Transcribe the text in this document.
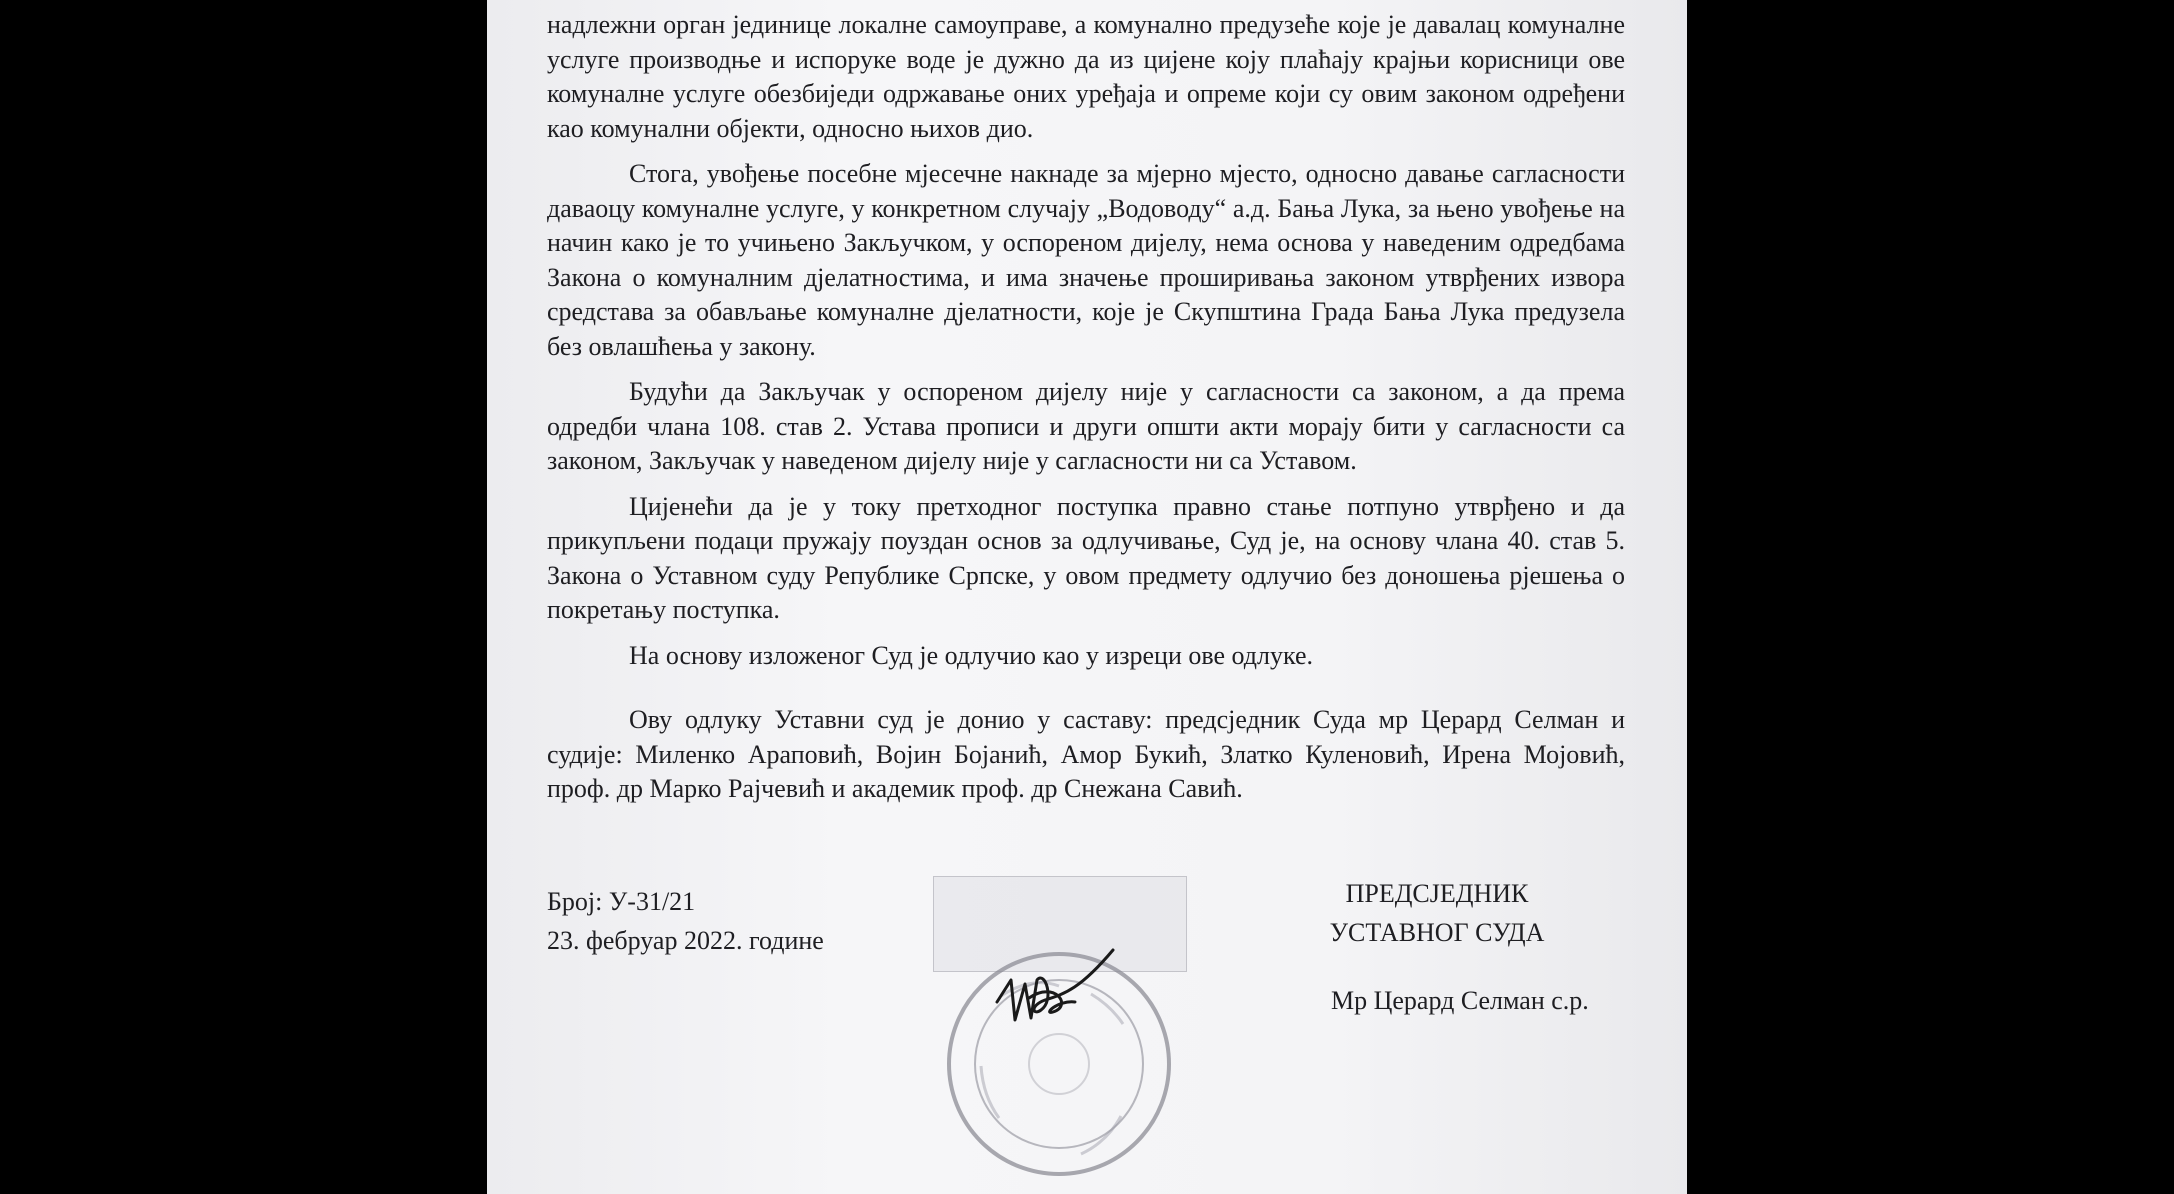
надлежни орган јединице локалне самоуправе, а комунално предузеће које је давалац комуналне услуге производње и испоруке воде је дужно да из цијене коју плаћају крајњи корисници ове комуналне услуге обезбиједи одржавање оних уређаја и опреме који су овим законом одређени као комунални објекти, односно њихов дио.

Стога, увођење посебне мјесечне накнаде за мјерно мјесто, односно давање сагласности даваоцу комуналне услуге, у конкретном случају „Водоводу“ а.д. Бања Лука, за њено увођење на начин како је то учињено Закључком, у оспореном дијелу, нема основа у наведеним одредбама Закона о комуналним дјелатностима, и има значење проширивања законом утврђених извора средстава за обављање комуналне дјелатности, које је Скупштина Града Бања Лука предузела без овлашћења у закону.

Будући да Закључак у оспореном дијелу није у сагласности са законом, а да према одредби члана 108. став 2. Устава прописи и други општи акти морају бити у сагласности са законом, Закључак у наведеном дијелу није у сагласности ни са Уставом.

Цијенећи да је у току претходног поступка правно стање потпуно утврђено и да прикупљени подаци пружају поуздан основ за одлучивање, Суд је, на основу члана 40. став 5. Закона о Уставном суду Републике Српске, у овом предмету одлучио без доношења рјешења о покретању поступка.

На основу изложеног Суд је одлучио као у изреци ове одлуке.

Ову одлуку Уставни суд је донио у саставу: предсједник Суда мр Церард Селман и судије: Миленко Араповић, Војин Бојанић, Амор Букић, Златко Куленовић, Ирена Мојовић, проф. др Марко Рајчевић и академик проф. др Снежана Савић.

Број: У-31/21
23. фебруар 2022. године
ПРЕДСЈЕДНИК
УСТАВНОГ СУДА
Мр Церард Селман с.р.
